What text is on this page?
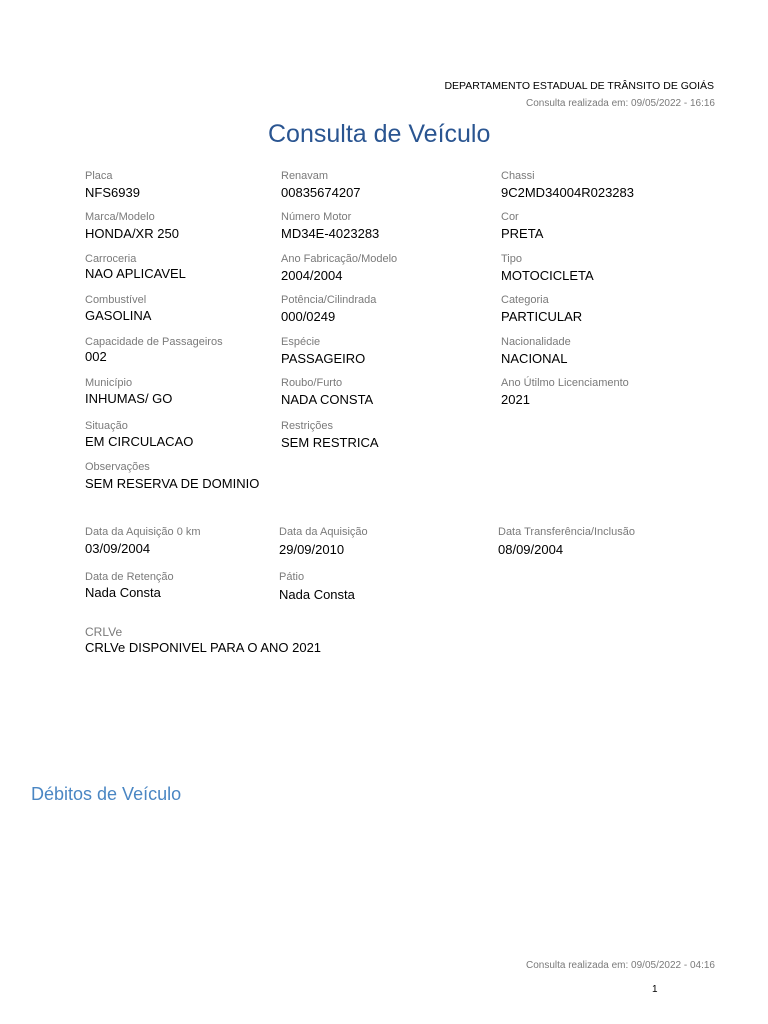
DEPARTAMENTO ESTADUAL DE TRÂNSITO DE GOIÁS
Consulta realizada em: 09/05/2022 - 16:16
Consulta de Veículo
Placa
NFS6939
Renavam
00835674207
Chassi
9C2MD34004R023283
Marca/Modelo
HONDA/XR 250
Número Motor
MD34E-4023283
Cor
PRETA
Carroceria
NAO APLICAVEL
Ano Fabricação/Modelo
2004/2004
Tipo
MOTOCICLETA
Combustível
GASOLINA
Potência/Cilindrada
000/0249
Categoria
PARTICULAR
Capacidade de Passageiros
002
Espécie
PASSAGEIRO
Nacionalidade
NACIONAL
Município
INHUMAS/ GO
Roubo/Furto
NADA CONSTA
Ano Útilmo Licenciamento
2021
Situação
EM CIRCULACAO
Restrições
SEM RESTRICA
Observações
SEM RESERVA DE DOMINIO
Data da Aquisição 0 km
03/09/2004
Data da Aquisição
29/09/2010
Data Transferência/Inclusão
08/09/2004
Data de Retenção
Nada Consta
Pátio
Nada Consta
CRLVe
CRLVe DISPONIVEL PARA O ANO 2021
Débitos de Veículo
Consulta realizada em: 09/05/2022 - 04:16
1
